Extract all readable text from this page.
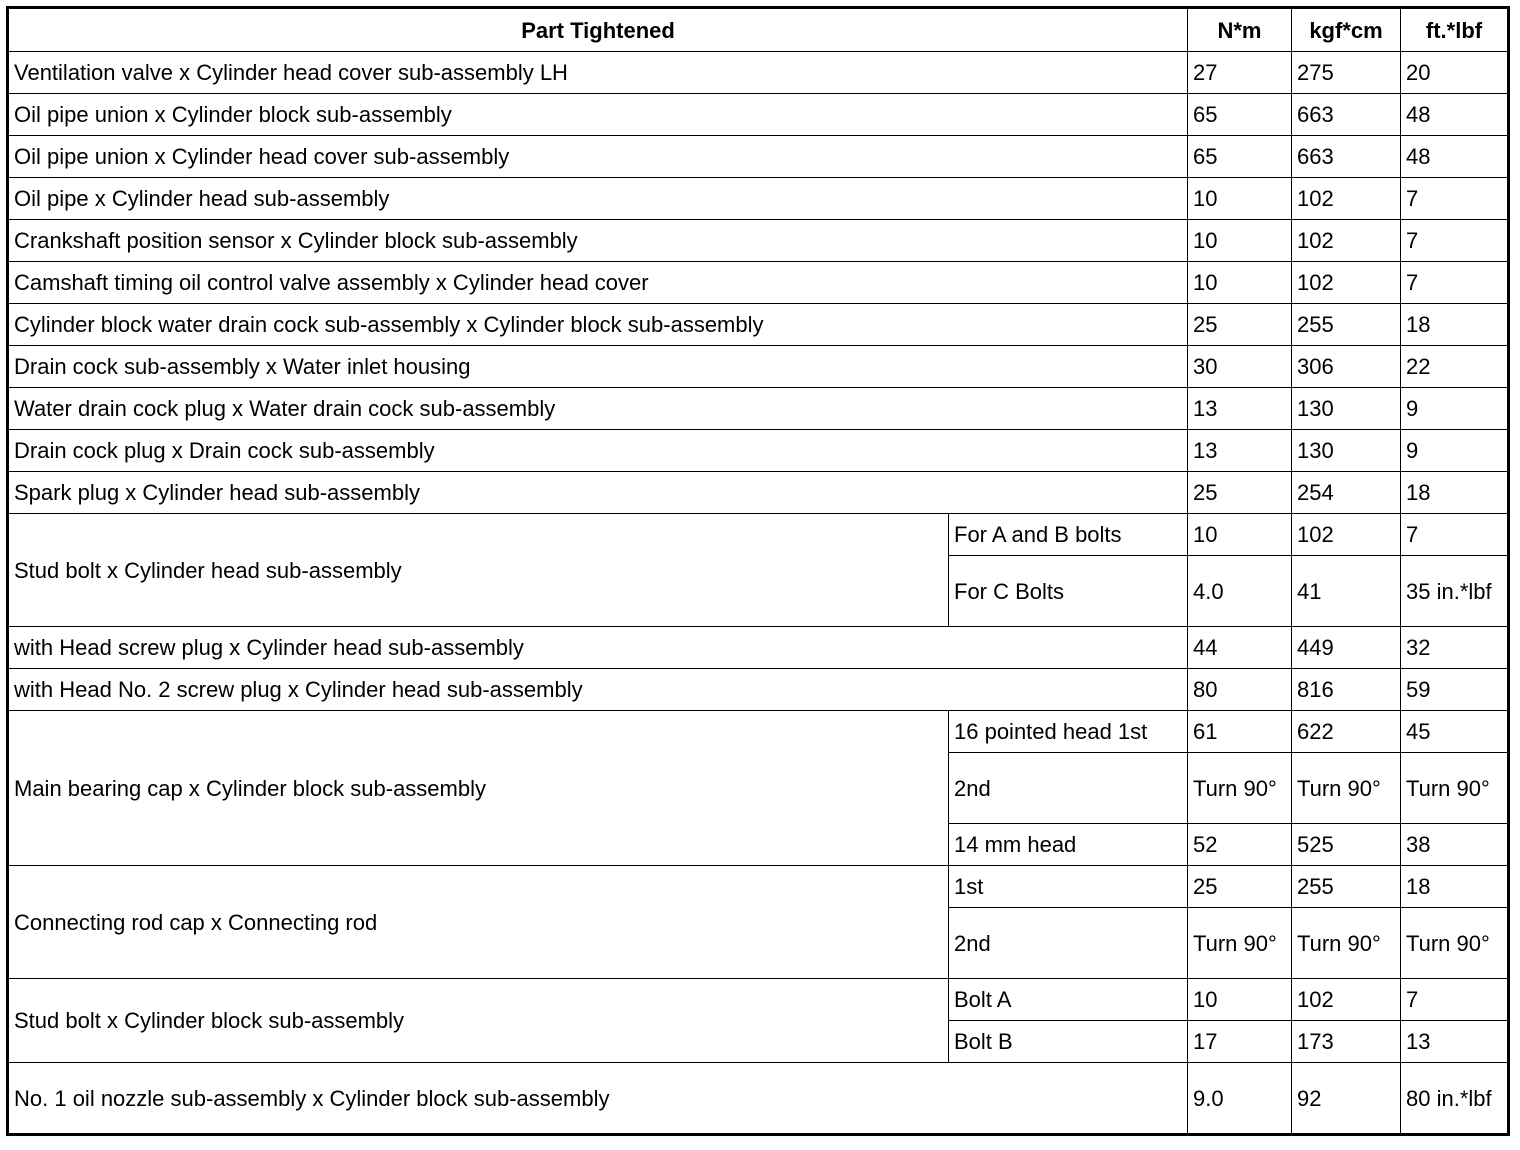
Part Tightened		N*m	kgf*cm	ft.*lbf
Ventilation valve x Cylinder head cover sub-assembly LH		27	275	20
Oil pipe union x Cylinder block sub-assembly		65	663	48
Oil pipe union x Cylinder head cover sub-assembly		65	663	48
Oil pipe x Cylinder head sub-assembly		10	102	7
Crankshaft position sensor x Cylinder block sub-assembly		10	102	7
Camshaft timing oil control valve assembly x Cylinder head cover		10	102	7
Cylinder block water drain cock sub-assembly x Cylinder block sub-assembly		25	255	18
Drain cock sub-assembly x Water inlet housing		30	306	22
Water drain cock plug x Water drain cock sub-assembly		13	130	9
Drain cock plug x Drain cock sub-assembly		13	130	9
Spark plug x Cylinder head sub-assembly		25	254	18
Stud bolt x Cylinder head sub-assembly	For A and B bolts	10	102	7
	For C Bolts	4.0	41	35 in.*lbf
with Head screw plug x Cylinder head sub-assembly		44	449	32
with Head No. 2 screw plug x Cylinder head sub-assembly		80	816	59
Main bearing cap x Cylinder block sub-assembly	16 pointed head 1st	61	622	45
	2nd	Turn 90°	Turn 90°	Turn 90°
	14 mm head	52	525	38
Connecting rod cap x Connecting rod	1st	25	255	18
	2nd	Turn 90°	Turn 90°	Turn 90°
Stud bolt x Cylinder block sub-assembly	Bolt A	10	102	7
	Bolt B	17	173	13
No. 1 oil nozzle sub-assembly x Cylinder block sub-assembly		9.0	92	80 in.*lbf
